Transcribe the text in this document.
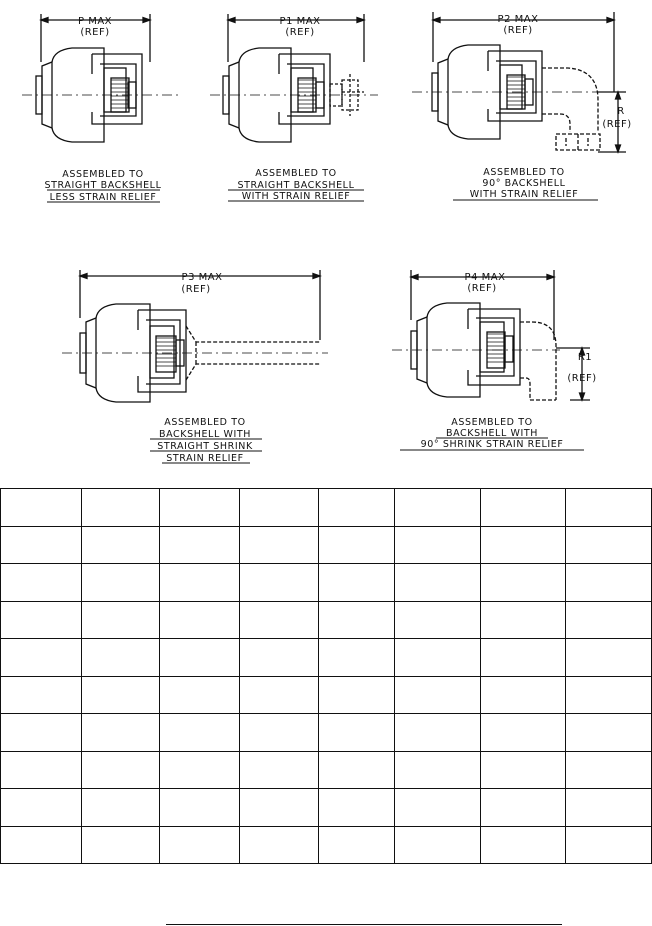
P MAX
(REF)
ASSEMBLED TO
STRAIGHT BACKSHELL
LESS STRAIN RELIEF
P1 MAX
(REF)
ASSEMBLED TO
STRAIGHT BACKSHELL
WITH STRAIN RELIEF
P2 MAX
(REF)
R
(REF)
ASSEMBLED TO
90° BACKSHELL
WITH STRAIN RELIEF
P3 MAX
(REF)
ASSEMBLED TO
BACKSHELL WITH
STRAIGHT SHRINK
STRAIN RELIEF
P4 MAX
(REF)
R1
(REF)
ASSEMBLED TO
BACKSHELL WITH
90° SHRINK STRAIN RELIEF
